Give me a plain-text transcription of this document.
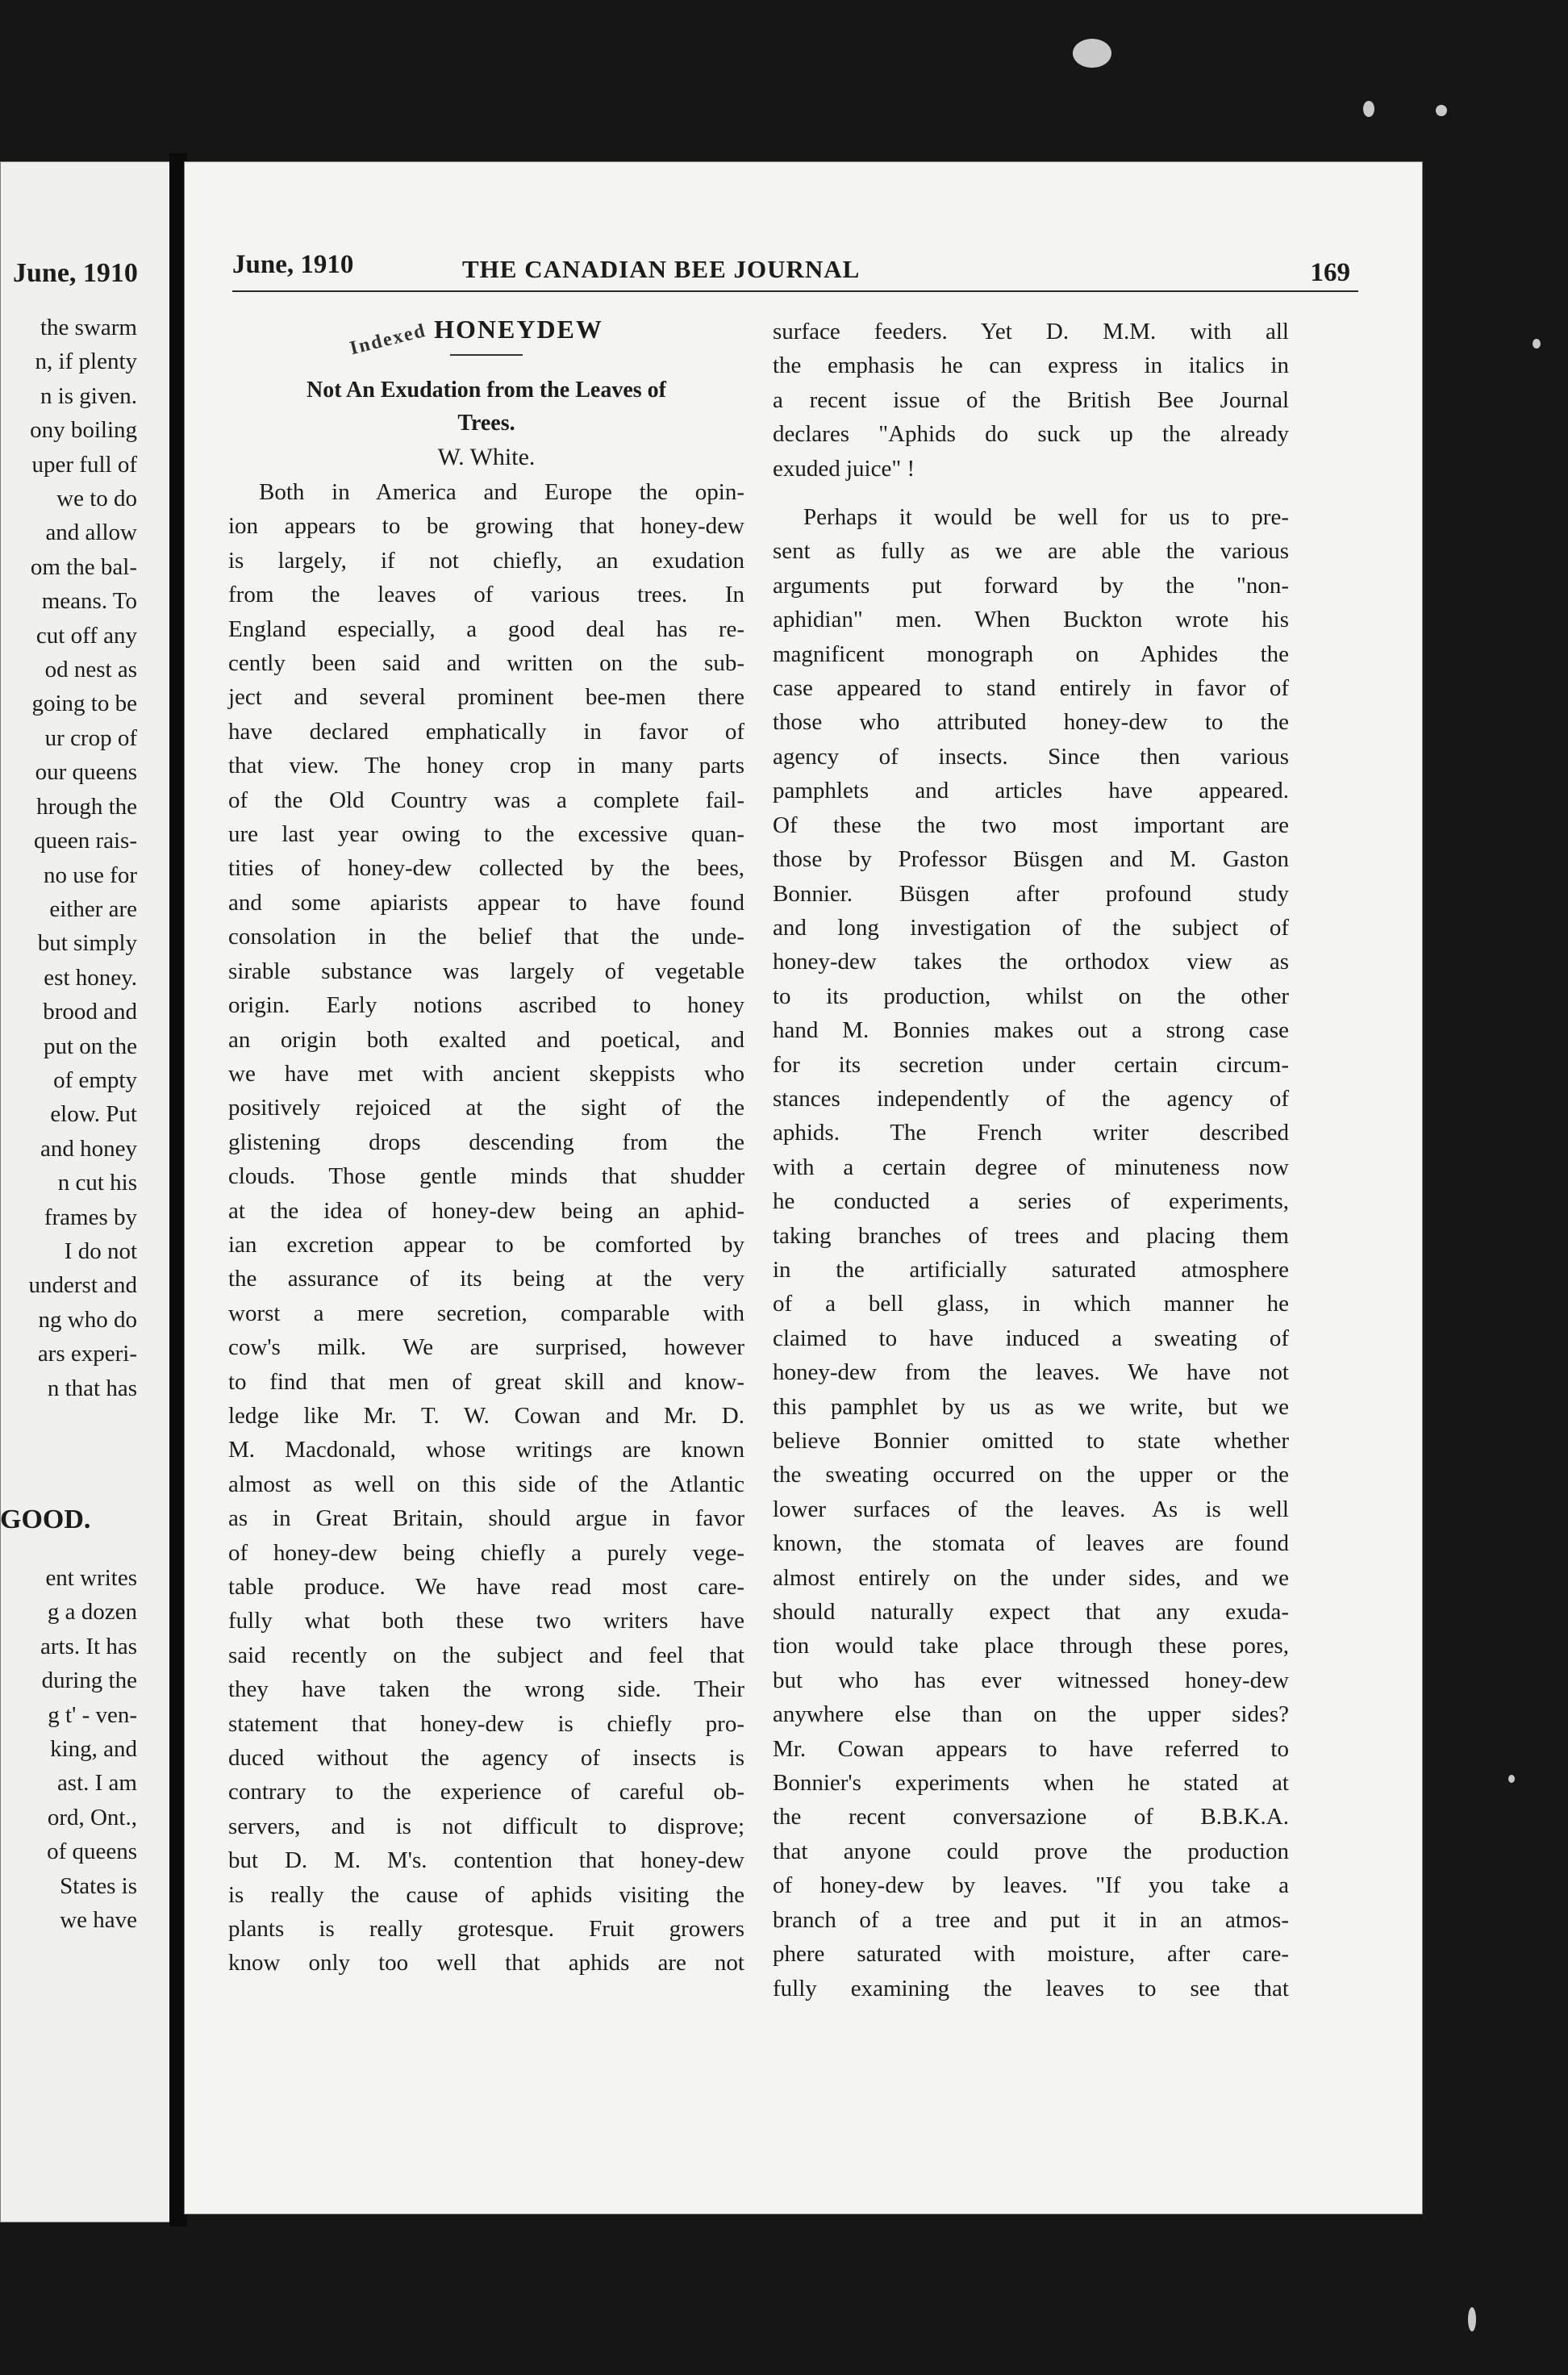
June, 1910
the swarm
n, if plenty
n is given.
ony boiling
uper full of
we to do
and allow
om the bal-
means. To
cut off any
od nest as
going to be
ur crop of
our queens
hrough the
queen rais-
no use for
either are
but simply
est honey.
brood and
put on the
of empty
elow. Put
and honey
n cut his
frames by
I do not
underst and
ng who do
ars experi-
n that has
GOOD.
ent writes
g a dozen
arts. It has
during the
g t' - ven-
king, and
ast. I am
ord, Ont.,
of queens
States is
we have
June, 1910	THE CANADIAN BEE JOURNAL	169
Indexed HONEYDEW
Not An Exudation from the Leaves of
Trees.
W. White.
Both in America and Europe the opin-
ion appears to be growing that honey-dew
is largely, if not chiefly, an exudation
from the leaves of various trees. In
England especially, a good deal has re-
cently been said and written on the sub-
ject and several prominent bee-men there
have declared emphatically in favor of
that view. The honey crop in many parts
of the Old Country was a complete fail-
ure last year owing to the excessive quan-
tities of honey-dew collected by the bees,
and some apiarists appear to have found
consolation in the belief that the unde-
sirable substance was largely of vegetable
origin. Early notions ascribed to honey
an origin both exalted and poetical, and
we have met with ancient skeppists who
positively rejoiced at the sight of the
glistening drops descending from the
clouds. Those gentle minds that shudder
at the idea of honey-dew being an aphid-
ian excretion appear to be comforted by
the assurance of its being at the very
worst a mere secretion, comparable with
cow's milk. We are surprised, however
to find that men of great skill and know-
ledge like Mr. T. W. Cowan and Mr. D.
M. Macdonald, whose writings are known
almost as well on this side of the Atlantic
as in Great Britain, should argue in favor
of honey-dew being chiefly a purely vege-
table produce. We have read most care-
fully what both these two writers have
said recently on the subject and feel that
they have taken the wrong side. Their
statement that honey-dew is chiefly pro-
duced without the agency of insects is
contrary to the experience of careful ob-
servers, and is not difficult to disprove;
but D. M. M's. contention that honey-dew
is really the cause of aphids visiting the
plants is really grotesque. Fruit growers
know only too well that aphids are not
surface feeders. Yet D. M.M. with all
the emphasis he can express in italics in
a recent issue of the British Bee Journal
declares "Aphids do suck up the already
exuded juice" !
Perhaps it would be well for us to pre-
sent as fully as we are able the various
arguments put forward by the "non-
aphidian" men. When Buckton wrote his
magnificent monograph on Aphides the
case appeared to stand entirely in favor of
those who attributed honey-dew to the
agency of insects. Since then various
pamphlets and articles have appeared.
Of these the two most important are
those by Professor Büsgen and M. Gaston
Bonnier. Büsgen after profound study
and long investigation of the subject of
honey-dew takes the orthodox view as
to its production, whilst on the other
hand M. Bonnies makes out a strong case
for its secretion under certain circum-
stances independently of the agency of
aphids. The French writer described
with a certain degree of minuteness now
he conducted a series of experiments,
taking branches of trees and placing them
in the artificially saturated atmosphere
of a bell glass, in which manner he
claimed to have induced a sweating of
honey-dew from the leaves. We have not
this pamphlet by us as we write, but we
believe Bonnier omitted to state whether
the sweating occurred on the upper or the
lower surfaces of the leaves. As is well
known, the stomata of leaves are found
almost entirely on the under sides, and we
should naturally expect that any exuda-
tion would take place through these pores,
but who has ever witnessed honey-dew
anywhere else than on the upper sides?
Mr. Cowan appears to have referred to
Bonnier's experiments when he stated at
the recent conversazione of B.B.K.A.
that anyone could prove the production
of honey-dew by leaves. "If you take a
branch of a tree and put it in an atmos-
phere saturated with moisture, after care-
fully examining the leaves to see that
